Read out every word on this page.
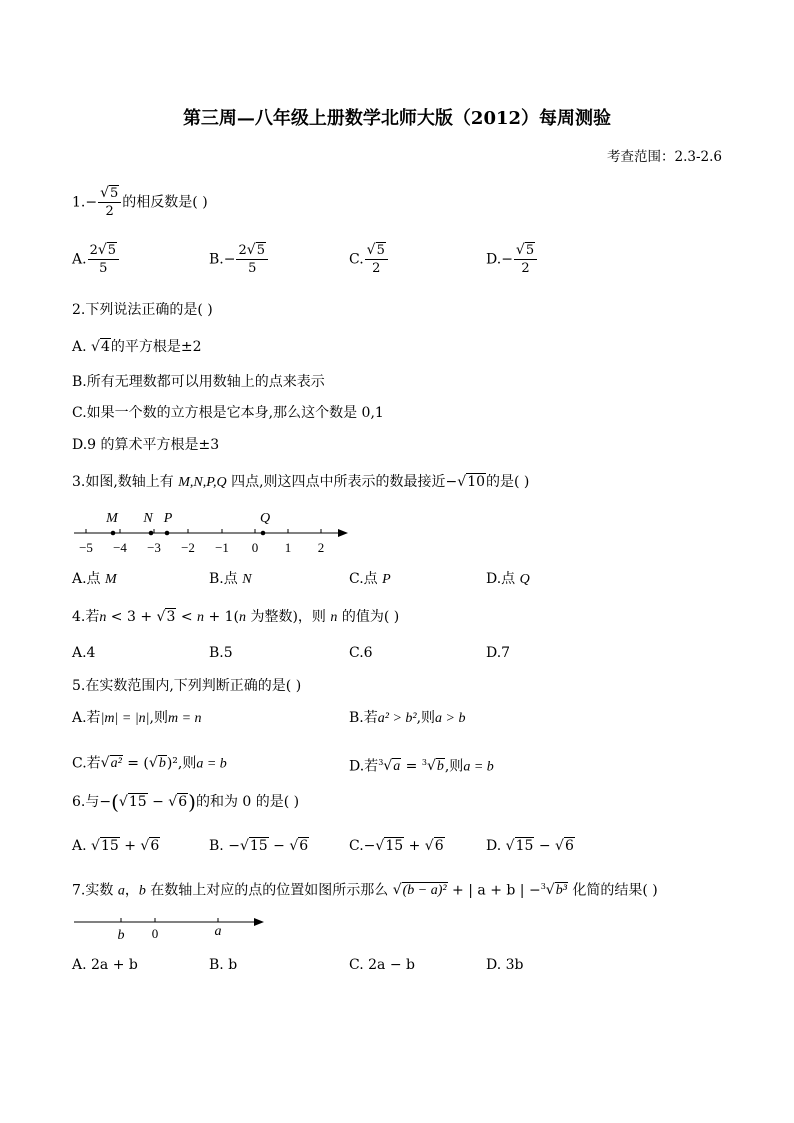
第三周—八年级上册数学北师大版（2012）每周测验
考查范围：2.3-2.6
$1.- \frac{√5}{2}$ 的相反数是( )
A. $\frac{2√5}{5}$	$B.- \frac{2√5}{5}$	C. $\frac{√5}{2}$	$D.- \frac{√5}{2}$
2.下列说法正确的是( )
A. √4的平方根是±2
B.所有无理数都可以用数轴上的点来表示
C.如果一个数的立方根是它本身,那么这个数是 0,1
D.9 的算术平方根是±3
3.如图,数轴上有 M,N,P,Q 四点,则这四点中所表示的数最接近−√10的是( )
M N P	Q
−5 −4 −3 −2 −1 0 1 2
A.点 M	B.点 N	C.点 P	D.点 Q
4.若n < 3 + √3 < n + 1(n 为整数)，则 n 的值为( )
A.4	B.5	C.6	D.7
5.在实数范围内,下列判断正确的是( )
A.若|m| = |n|,则m = n	B.若a² > b²,则a > b
C.若√a² = (√b)²,则a = b	D.若$^3$√a = $^3$√b,则a = b
6.与−(√15 − √6)的和为 0 的是( )
A. √15 + √6	B. −√15 − √6	C.−√15 + √6	D. √15 − √6
7.实数 a，b 在数轴上对应的点的位置如图所示那么 √(b − a)² + | a + b | −$^3$√b³ 化简的结果( )
b 0	a
A. 2a + b	B. b	C. 2a − b	D. 3b
